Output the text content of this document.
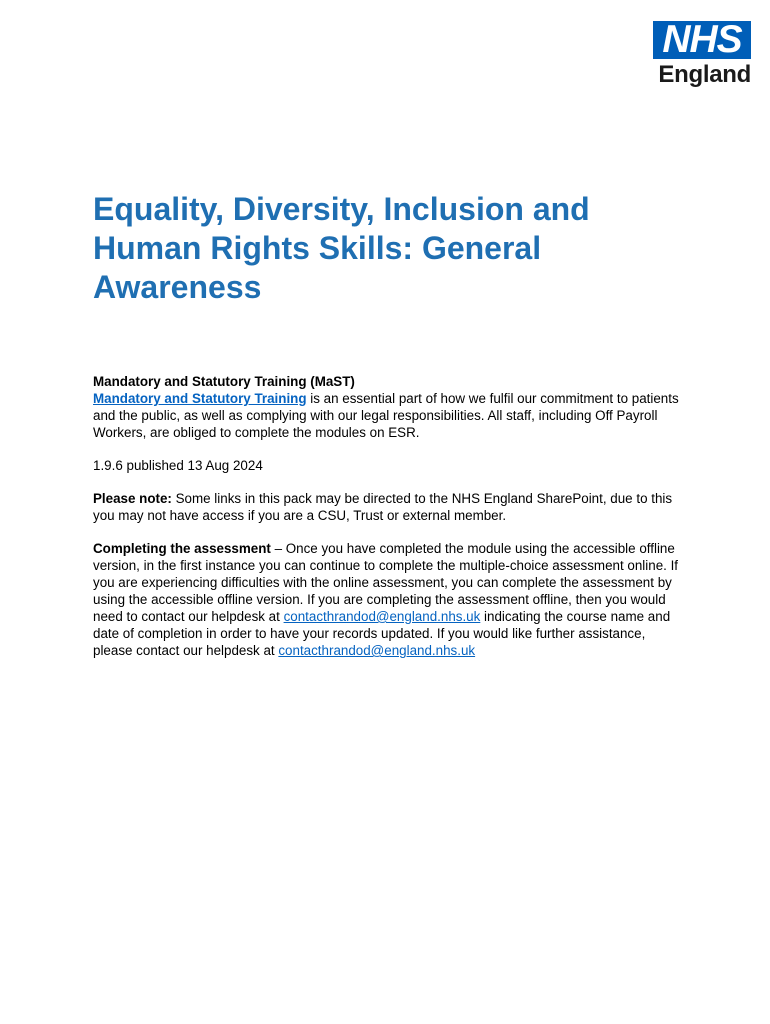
NHS
England
Equality, Diversity, Inclusion and Human Rights Skills: General Awareness

Mandatory and Statutory Training (MaST)
Mandatory and Statutory Training is an essential part of how we fulfil our commitment to patients and the public, as well as complying with our legal responsibilities. All staff, including Off Payroll Workers, are obliged to complete the modules on ESR.

1.9.6 published 13 Aug 2024

Please note: Some links in this pack may be directed to the NHS England SharePoint, due to this you may not have access if you are a CSU, Trust or external member.

Completing the assessment – Once you have completed the module using the accessible offline version, in the first instance you can continue to complete the multiple-choice assessment online. If you are experiencing difficulties with the online assessment, you can complete the assessment by using the accessible offline version. If you are completing the assessment offline, then you would need to contact our helpdesk at contacthrandod@england.nhs.uk indicating the course name and date of completion in order to have your records updated. If you would like further assistance, please contact our helpdesk at contacthrandod@england.nhs.uk
